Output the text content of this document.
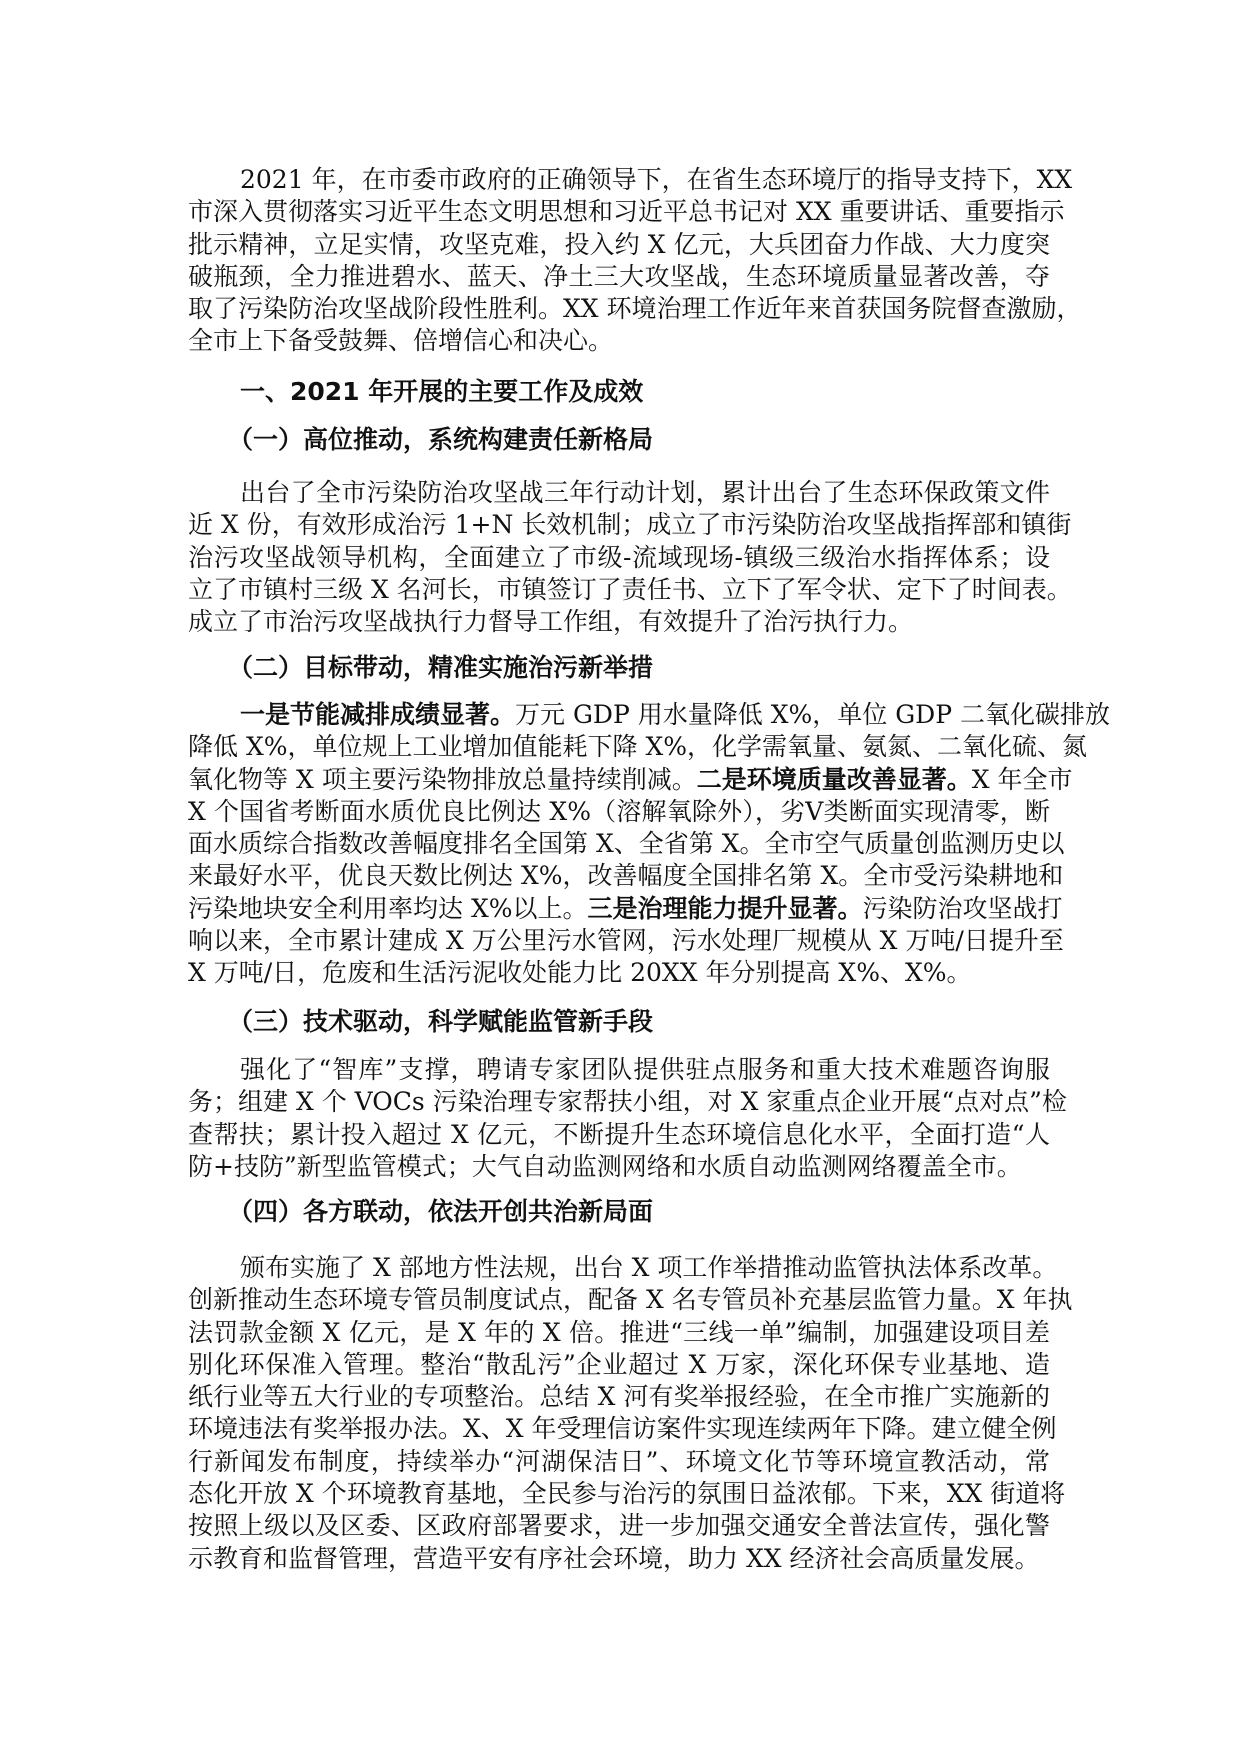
2021 年，在市委市政府的正确领导下，在省生态环境厅的指导支持下，XX
市深入贯彻落实习近平生态文明思想和习近平总书记对 XX 重要讲话、重要指示
批示精神，立足实情，攻坚克难，投入约 X 亿元，大兵团奋力作战、大力度突
破瓶颈，全力推进碧水、蓝天、净土三大攻坚战，生态环境质量显著改善，夺
取了污染防治攻坚战阶段性胜利。XX 环境治理工作近年来首获国务院督查激励，
全市上下备受鼓舞、倍增信心和决心。
一、2021 年开展的主要工作及成效
（一）高位推动，系统构建责任新格局
出台了全市污染防治攻坚战三年行动计划，累计出台了生态环保政策文件
近 X 份，有效形成治污 1+N 长效机制；成立了市污染防治攻坚战指挥部和镇街
治污攻坚战领导机构，全面建立了市级-流域现场-镇级三级治水指挥体系；设
立了市镇村三级 X 名河长，市镇签订了责任书、立下了军令状、定下了时间表。
成立了市治污攻坚战执行力督导工作组，有效提升了治污执行力。
（二）目标带动，精准实施治污新举措
一是节能减排成绩显著。万元 GDP 用水量降低 X%，单位 GDP 二氧化碳排放
降低 X%，单位规上工业增加值能耗下降 X%，化学需氧量、氨氮、二氧化硫、氮
氧化物等 X 项主要污染物排放总量持续削减。二是环境质量改善显著。X 年全市
X 个国省考断面水质优良比例达 X%（溶解氧除外），劣Ⅴ类断面实现清零，断
面水质综合指数改善幅度排名全国第 X、全省第 X。全市空气质量创监测历史以
来最好水平，优良天数比例达 X%，改善幅度全国排名第 X。全市受污染耕地和
污染地块安全利用率均达 X%以上。三是治理能力提升显著。污染防治攻坚战打
响以来，全市累计建成 X 万公里污水管网，污水处理厂规模从 X 万吨/日提升至
X 万吨/日，危废和生活污泥收处能力比 20XX 年分别提高 X%、X%。
（三）技术驱动，科学赋能监管新手段
强化了“智库”支撑，聘请专家团队提供驻点服务和重大技术难题咨询服
务；组建 X 个 VOCs 污染治理专家帮扶小组，对 X 家重点企业开展“点对点”检
查帮扶；累计投入超过 X 亿元，不断提升生态环境信息化水平，全面打造“人
防+技防”新型监管模式；大气自动监测网络和水质自动监测网络覆盖全市。
（四）各方联动，依法开创共治新局面
颁布实施了 X 部地方性法规，出台 X 项工作举措推动监管执法体系改革。
创新推动生态环境专管员制度试点，配备 X 名专管员补充基层监管力量。X 年执
法罚款金额 X 亿元，是 X 年的 X 倍。推进“三线一单”编制，加强建设项目差
别化环保准入管理。整治“散乱污”企业超过 X 万家，深化环保专业基地、造
纸行业等五大行业的专项整治。总结 X 河有奖举报经验，在全市推广实施新的
环境违法有奖举报办法。X、X 年受理信访案件实现连续两年下降。建立健全例
行新闻发布制度，持续举办“河湖保洁日”、环境文化节等环境宣教活动，常
态化开放 X 个环境教育基地，全民参与治污的氛围日益浓郁。下来，XX 街道将
按照上级以及区委、区政府部署要求，进一步加强交通安全普法宣传，强化警
示教育和监督管理，营造平安有序社会环境，助力 XX 经济社会高质量发展。
